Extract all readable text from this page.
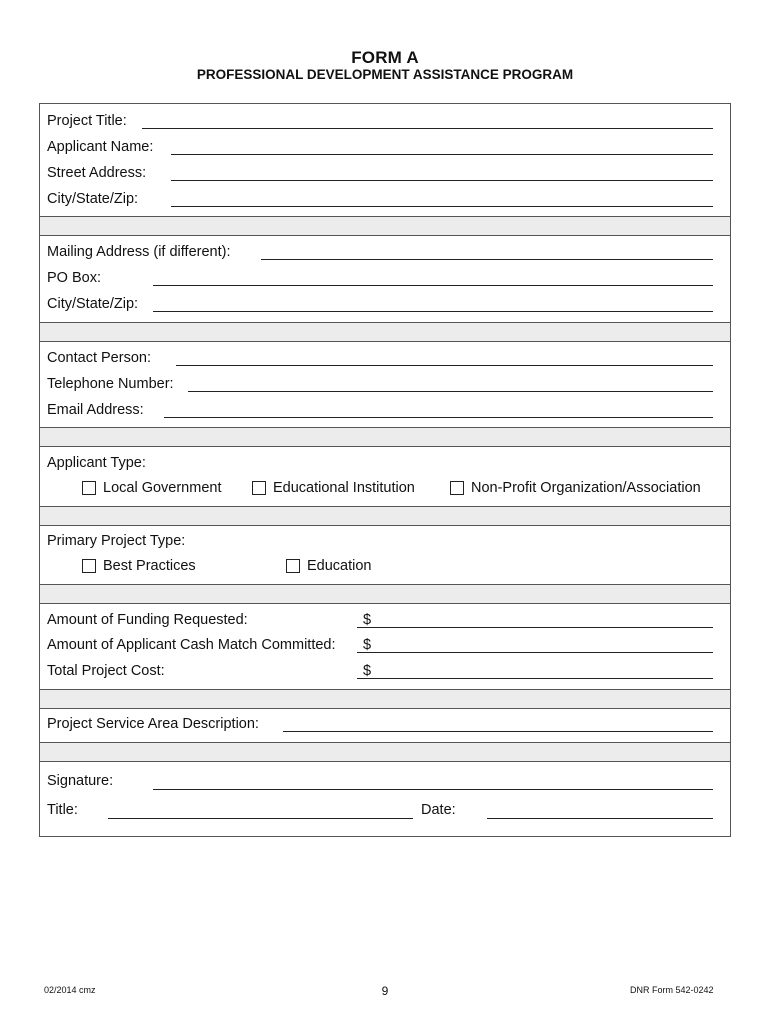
FORM A
PROFESSIONAL DEVELOPMENT ASSISTANCE PROGRAM
Project Title:
Applicant Name:
Street Address:
City/State/Zip:
Mailing Address (if different):
PO Box:
City/State/Zip:
Contact Person:
Telephone Number:
Email Address:
Applicant Type:
Local Government	Educational Institution	Non-Profit Organization/Association
Primary Project Type:
Best Practices	Education
Amount of Funding Requested:	$
Amount of Applicant Cash Match Committed: $
Total Project Cost:	$
Project Service Area Description:
Signature:
Title:	Date:
02/2014 cmz	9	DNR Form 542-0242
